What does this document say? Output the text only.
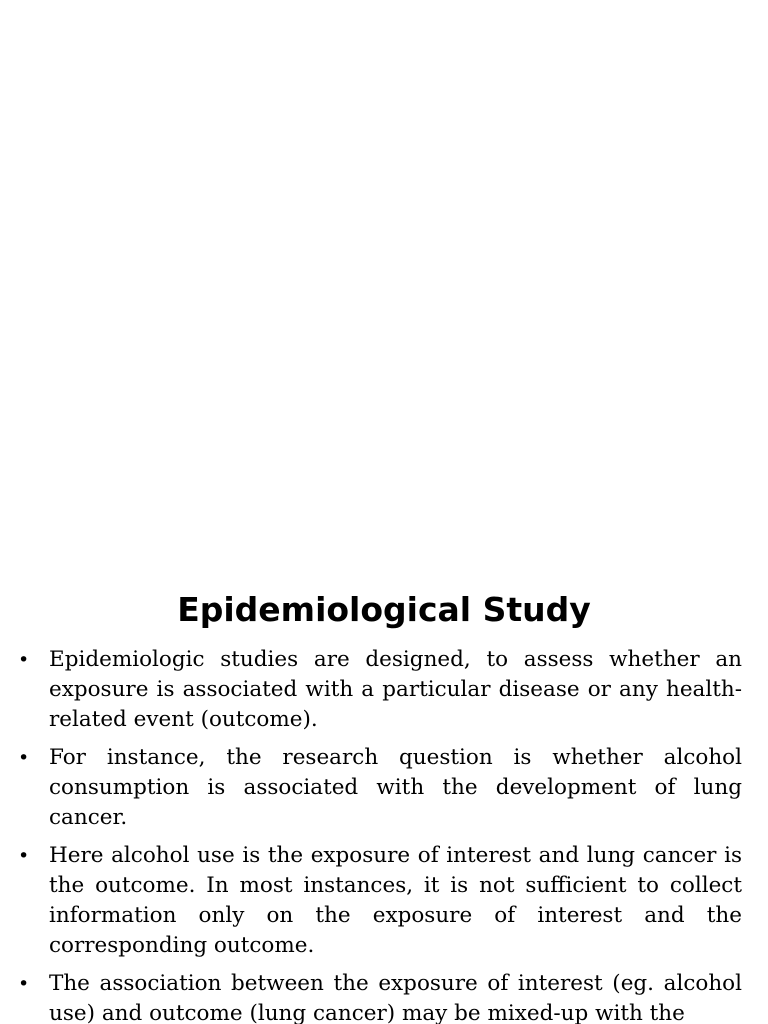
Epidemiological Study
• Epidemiologic studies are designed, to assess whether an exposure is associated with a particular disease or any health-related event (outcome).
• For instance, the research question is whether alcohol consumption is associated with the development of lung cancer.
• Here alcohol use is the exposure of interest and lung cancer is the outcome. In most instances, it is not sufficient to collect information only on the exposure of interest and the corresponding outcome.
• The association between the exposure of interest (eg. alcohol use) and outcome (lung cancer) may be mixed-up with the
